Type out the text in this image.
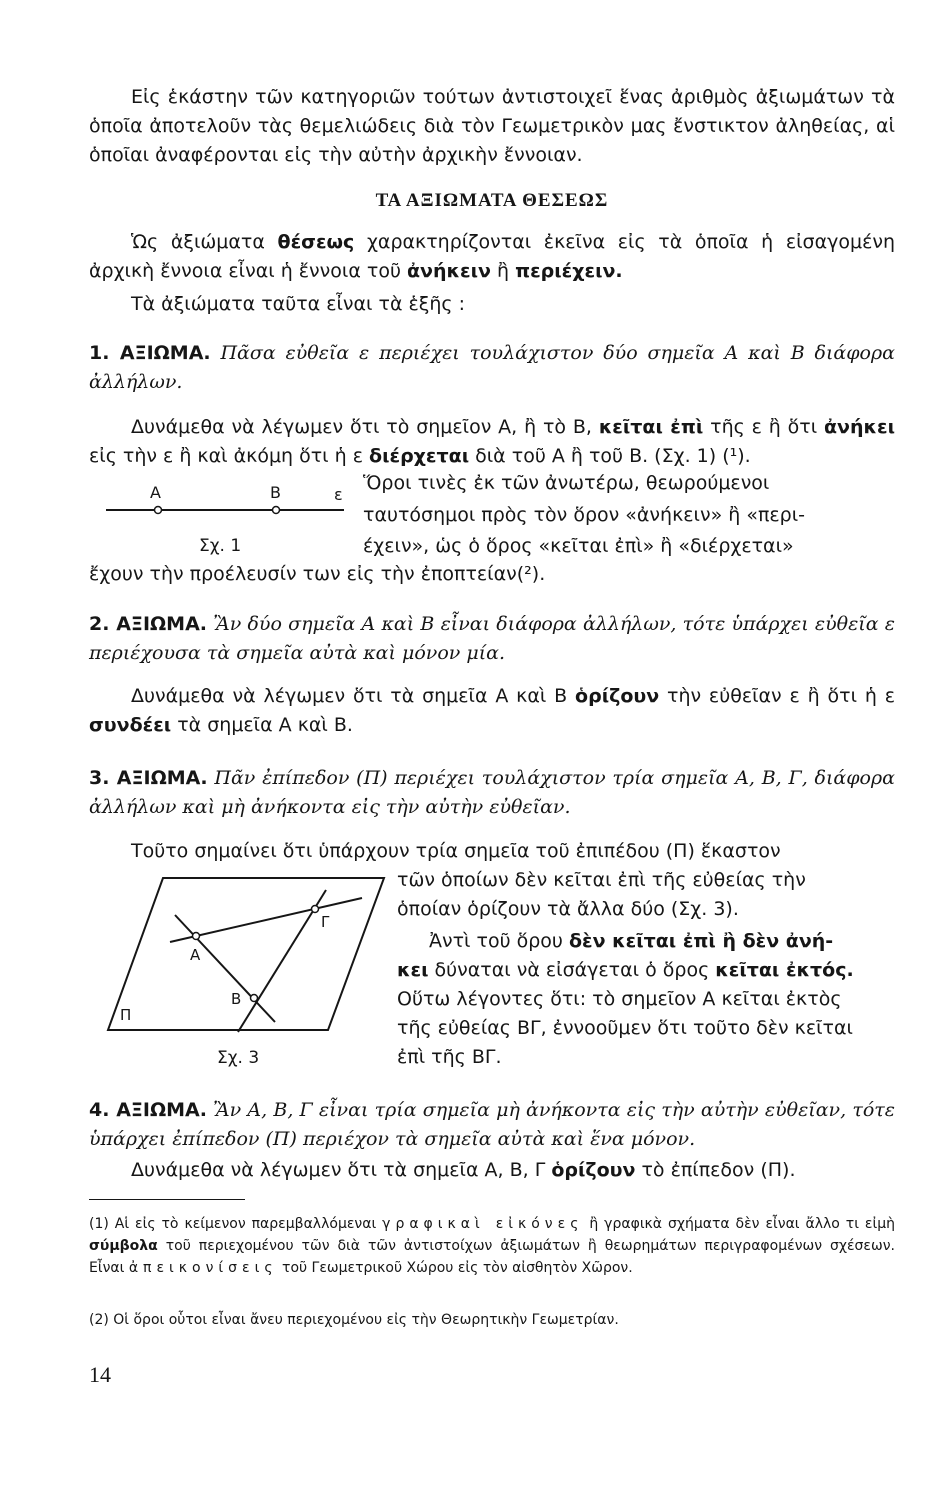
Εἰς ἑκάστην τῶν κατηγοριῶν τούτων ἀντιστοιχεῖ ἕνας ἀριθμὸς ἀξιωμάτων τὰ ὁποῖα ἀποτελοῦν τὰς θεμελιώδεις διὰ τὸν Γεωμετρικὸν μας ἔνστικτον ἀληθείας, αἱ ὁποῖαι ἀναφέρονται εἰς τὴν αὐτὴν ἀρχικὴν ἔννοιαν.

ΤΑ ΑΞΙΩΜΑΤΑ ΘΕΣΕΩΣ

Ὡς ἀξιώματα θέσεως χαρακτηρίζονται ἐκεῖνα εἰς τὰ ὁποῖα ἡ εἰσαγομένη ἀρχικὴ ἔννοια εἶναι ἡ ἔννοια τοῦ ἀνήκειν ἢ περιέχειν.

Τὰ ἀξιώματα ταῦτα εἶναι τὰ ἑξῆς :

1. ΑΞΙΩΜΑ. Πᾶσα εὐθεῖα ε περιέχει τουλάχιστον δύο σημεῖα Α καὶ Β διάφορα ἀλλήλων.

Δυνάμεθα νὰ λέγωμεν ὅτι τὸ σημεῖον Α, ἢ τὸ Β, κεῖται ἐπὶ τῆς ε ἢ ὅτι ἀνήκει εἰς τὴν ε ἢ καὶ ἀκόμη ὅτι ἡ ε διέρχεται διὰ τοῦ Α ἢ τοῦ Β. (Σχ. 1) (¹).

A	B	ε

Σχ. 1

Ὅροι τινὲς ἐκ τῶν ἀνωτέρω, θεωρούμενοι

ταυτόσημοι πρὸς τὸν ὅρον «ἀνήκειν» ἢ «περι-

έχειν», ὡς ὁ ὅρος «κεῖται ἐπὶ» ἢ «διέρχεται»

ἔχουν τὴν προέλευσίν των εἰς τὴν ἐποπτείαν(²).

2. ΑΞΙΩΜΑ. Ἂν δύο σημεῖα Α καὶ Β εἶναι διάφορα ἀλλήλων, τότε ὑπάρχει εὐθεῖα ε περιέχουσα τὰ σημεῖα αὐτὰ καὶ μόνον μία.

Δυνάμεθα νὰ λέγωμεν ὅτι τὰ σημεῖα Α καὶ Β ὁρίζουν τὴν εὐθεῖαν ε ἢ ὅτι ἡ ε συνδέει τὰ σημεῖα Α καὶ Β.

3. ΑΞΙΩΜΑ. Πᾶν ἐπίπεδον (Π) περιέχει τουλάχιστον τρία σημεῖα Α, Β, Γ, διάφορα ἀλλήλων καὶ μὴ ἀνήκοντα εἰς τὴν αὐτὴν εὐθεῖαν.

Τοῦτο σημαίνει ὅτι ὑπάρχουν τρία σημεῖα τοῦ ἐπιπέδου (Π) ἕκαστον

A
Γ
B
Π

Σχ. 3

τῶν ὁποίων δὲν κεῖται ἐπὶ τῆς εὐθείας τὴν

ὁποίαν ὁρίζουν τὰ ἄλλα δύο (Σχ. 3).

Ἀντὶ τοῦ ὅρου δὲν κεῖται ἐπὶ ἢ δὲν ἀνή-

κει δύναται νὰ εἰσάγεται ὁ ὅρος κεῖται ἐκτός.

Οὕτω λέγοντες ὅτι: τὸ σημεῖον Α κεῖται ἐκτὸς

τῆς εὐθείας ΒΓ, ἐννοοῦμεν ὅτι τοῦτο δὲν κεῖται

ἐπὶ τῆς ΒΓ.

4. ΑΞΙΩΜΑ. Ἂν Α, Β, Γ εἶναι τρία σημεῖα μὴ ἀνήκοντα εἰς τὴν αὐτὴν εὐθεῖαν, τότε ὑπάρχει ἐπίπεδον (Π) περιέχον τὰ σημεῖα αὐτὰ καὶ ἕνα μόνον.

Δυνάμεθα νὰ λέγωμεν ὅτι τὰ σημεῖα Α, Β, Γ ὁρίζουν τὸ ἐπίπεδον (Π).

(1) Αἱ εἰς τὸ κείμενον παρεμβαλλόμεναι γραφικαὶ εἰκόνες ἢ γραφικὰ σχήματα δὲν εἶναι ἄλλο τι εἰμὴ σύμβολα τοῦ περιεχομένου τῶν διὰ τῶν ἀντιστοίχων ἀξιωμάτων ἢ θεωρημάτων περιγραφομένων σχέσεων. Εἶναι ἀπεικονίσεις τοῦ Γεωμετρικοῦ Χώρου εἰς τὸν αἰσθητὸν Χῶρον.

(2) Οἱ ὅροι οὗτοι εἶναι ἄνευ περιεχομένου εἰς τὴν Θεωρητικὴν Γεωμετρίαν.

14
